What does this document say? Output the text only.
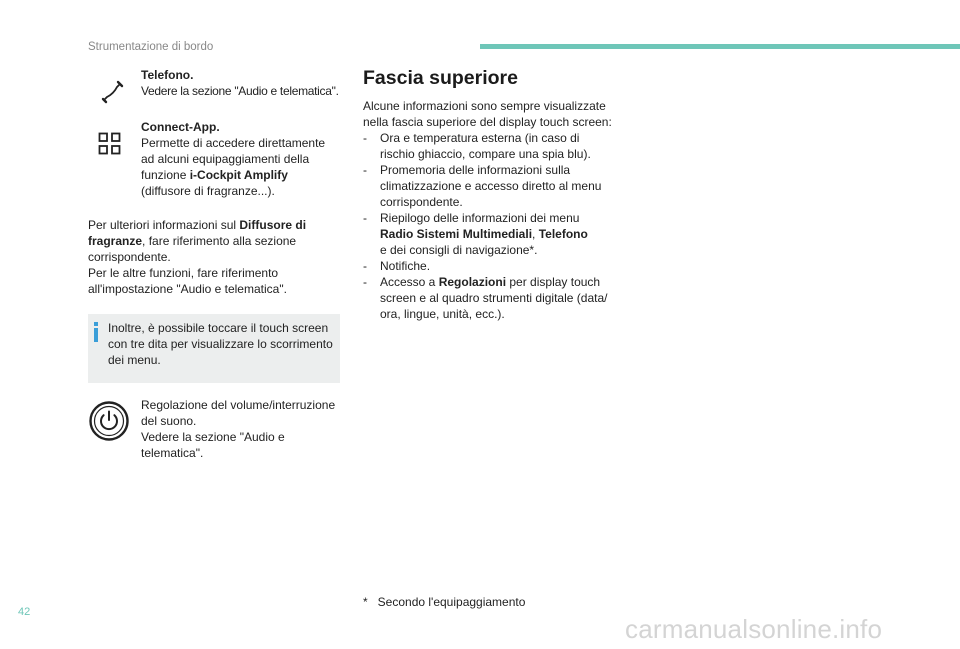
Strumentazione di bordo
Telefono.
Vedere la sezione "Audio e telematica".
Connect-App.
Permette di accedere direttamente
ad alcuni equipaggiamenti della
funzione i-Cockpit Amplify
(diffusore di fragranze...).
Per ulteriori informazioni sul Diffusore di
fragranze, fare riferimento alla sezione
corrispondente.
Per le altre funzioni, fare riferimento
all'impostazione "Audio e telematica".
Inoltre, è possibile toccare il touch screen
con tre dita per visualizzare lo scorrimento
dei menu.
Regolazione del volume/interruzione
del suono.
Vedere la sezione "Audio e
telematica".
Fascia superiore
Alcune informazioni sono sempre visualizzate
nella fascia superiore del display touch screen:
- Ora e temperatura esterna (in caso di
rischio ghiaccio, compare una spia blu).
- Promemoria delle informazioni sulla
climatizzazione e accesso diretto al menu
corrispondente.
- Riepilogo delle informazioni dei menu
Radio Sistemi Multimediali, Telefono
e dei consigli di navigazione*.
- Notifiche.
- Accesso a Regolazioni per display touch
screen e al quadro strumenti digitale (data/
ora, lingue, unità, ecc.).
*   Secondo l'equipaggiamento
42
carmanualsonline.info
